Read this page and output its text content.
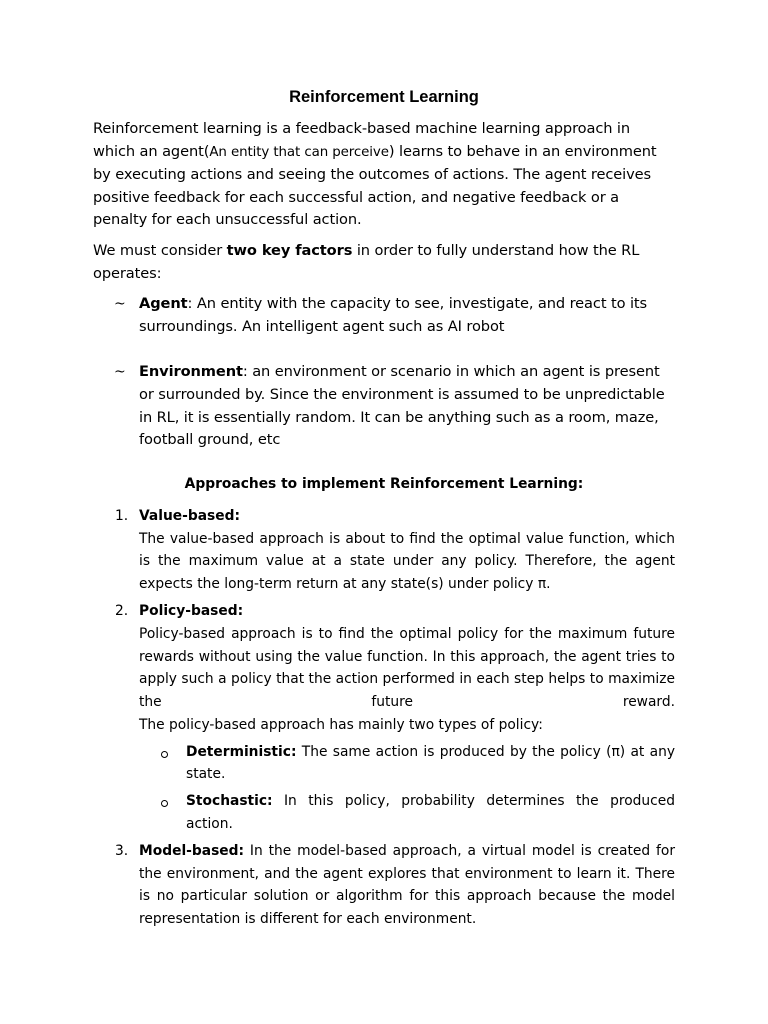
Reinforcement Learning

Reinforcement learning is a feedback-based machine learning approach in which an agent(An entity that can perceive) learns to behave in an environment by executing actions and seeing the outcomes of actions. The agent receives positive feedback for each successful action, and negative feedback or a penalty for each unsuccessful action.

We must consider two key factors in order to fully understand how the RL operates:

~ Agent: An entity with the capacity to see, investigate, and react to its surroundings. An intelligent agent such as AI robot
~ Environment: an environment or scenario in which an agent is present or surrounded by. Since the environment is assumed to be unpredictable in RL, it is essentially random. It can be anything such as a room, maze, football ground, etc
Approaches to implement Reinforcement Learning:
1. Value-based:
The value-based approach is about to find the optimal value function, which is the maximum value at a state under any policy. Therefore, the agent expects the long-term return at any state(s) under policy π.
2. Policy-based:
Policy-based approach is to find the optimal policy for the maximum future rewards without using the value function. In this approach, the agent tries to apply such a policy that the action performed in each step helps to maximize the future reward.
The policy-based approach has mainly two types of policy:
Deterministic: The same action is produced by the policy (π) at any state.
Stochastic: In this policy, probability determines the produced action.
3. Model-based: In the model-based approach, a virtual model is created for the environment, and the agent explores that environment to learn it. There is no particular solution or algorithm for this approach because the model representation is different for each environment.
